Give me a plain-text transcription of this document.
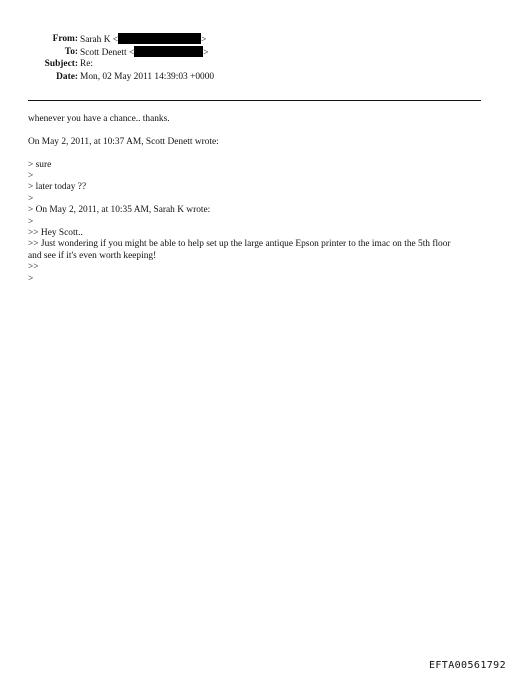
From: Sarah K <	>
To: Scott Denett <	>
Subject: Re:
Date: Mon, 02 May 2011 14:39:03 +0000

whenever you have a chance.. thanks.

On May 2, 2011, at 10:37 AM, Scott Denett wrote:

> sure

>

> later today ??

>

> On May 2, 2011, at 10:35 AM, Sarah K wrote:

>

>> Hey Scott..

>> Just wondering if you might be able to help set up the large antique Epson printer to the imac on the 5th floor

and see if it's even worth keeping!

>>

>

EFTA00561792
